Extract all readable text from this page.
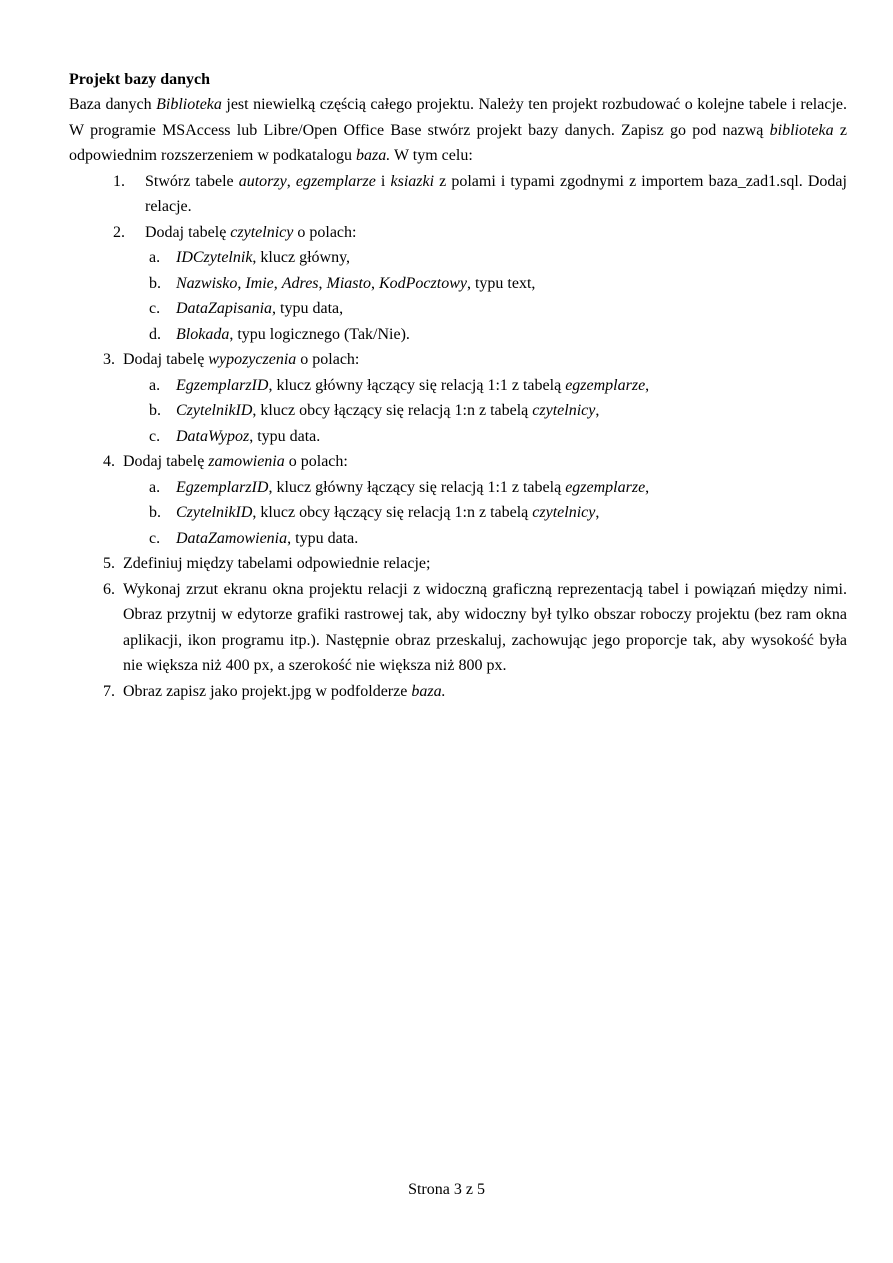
Projekt bazy danych

Baza danych Biblioteka jest niewielką częścią całego projektu. Należy ten projekt rozbudować o kolejne tabele i relacje. W programie MSAccess lub Libre/Open Office Base stwórz projekt bazy danych. Zapisz go pod nazwą biblioteka z odpowiednim rozszerzeniem w podkatalogu baza. W tym celu:

1. Stwórz tabele autorzy, egzemplarze i ksiazki z polami i typami zgodnymi z importem baza_zad1.sql. Dodaj relacje.
2. Dodaj tabelę czytelnicy o polach:
a. IDCzytelnik, klucz główny,
b. Nazwisko, Imie, Adres, Miasto, KodPocztowy, typu text,
c. DataZapisania, typu data,
d. Blokada, typu logicznego (Tak/Nie).
3. Dodaj tabelę wypozyczenia o polach:
a. EgzemplarzID, klucz główny łączący się relacją 1:1 z tabelą egzemplarze,
b. CzytelnikID, klucz obcy łączący się relacją 1:n z tabelą czytelnicy,
c. DataWypoz, typu data.
4. Dodaj tabelę zamowienia o polach:
a. EgzemplarzID, klucz główny łączący się relacją 1:1 z tabelą egzemplarze,
b. CzytelnikID, klucz obcy łączący się relacją 1:n z tabelą czytelnicy,
c. DataZamowienia, typu data.
5. Zdefiniuj między tabelami odpowiednie relacje;
6. Wykonaj zrzut ekranu okna projektu relacji z widoczną graficzną reprezentacją tabel i powiązań między nimi. Obraz przytnij w edytorze grafiki rastrowej tak, aby widoczny był tylko obszar roboczy projektu (bez ram okna aplikacji, ikon programu itp.). Następnie obraz przeskaluj, zachowując jego proporcje tak, aby wysokość była nie większa niż 400 px, a szerokość nie większa niż 800 px.
7. Obraz zapisz jako projekt.jpg w podfolderze baza.
Strona 3 z 5
